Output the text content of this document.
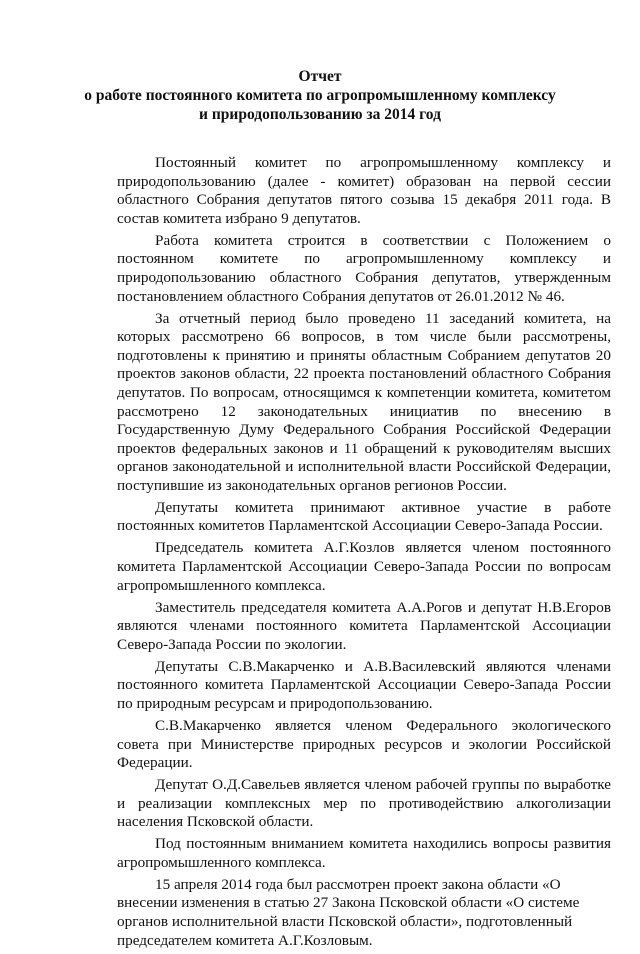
Отчет
о работе постоянного комитета по агропромышленному комплексу
и природопользованию за 2014 год

Постоянный комитет по агропромышленному комплексу и природопользованию (далее - комитет) образован на первой сессии областного Собрания депутатов пятого созыва 15 декабря 2011 года. В состав комитета избрано 9 депутатов.

Работа комитета строится в соответствии с Положением о постоянном комитете по агропромышленному комплексу и природопользованию областного Собрания депутатов, утвержденным постановлением областного Собрания депутатов от 26.01.2012 № 46.

За отчетный период было проведено 11 заседаний комитета, на которых рассмотрено 66 вопросов, в том числе были рассмотрены, подготовлены к принятию и приняты областным Собранием депутатов 20 проектов законов области, 22 проекта постановлений областного Собрания депутатов. По вопросам, относящимся к компетенции комитета, комитетом рассмотрено 12 законодательных инициатив по внесению в Государственную Думу Федерального Собрания Российской Федерации проектов федеральных законов и 11 обращений к руководителям высших органов законодательной и исполнительной власти Российской Федерации, поступившие из законодательных органов регионов России.

Депутаты комитета принимают активное участие в работе постоянных комитетов Парламентской Ассоциации Северо-Запада России.

Председатель комитета А.Г.Козлов является членом постоянного комитета Парламентской Ассоциации Северо-Запада России по вопросам агропромышленного комплекса.

Заместитель председателя комитета А.А.Рогов и депутат Н.В.Егоров являются членами постоянного комитета Парламентской Ассоциации Северо-Запада России по экологии.

Депутаты С.В.Макарченко и А.В.Василевский являются членами постоянного комитета Парламентской Ассоциации Северо-Запада России по природным ресурсам и природопользованию.

С.В.Макарченко является членом Федерального экологического совета при Министерстве природных ресурсов и экологии Российской Федерации.

Депутат О.Д.Савельев является членом рабочей группы по выработке и реализации комплексных мер по противодействию алкоголизации населения Псковской области.

Под постоянным вниманием комитета находились вопросы развития агропромышленного комплекса.

15 апреля 2014 года был рассмотрен проект закона области «О внесении изменения в статью 27 Закона Псковской области «О системе органов исполнительной власти Псковской области», подготовленный председателем комитета А.Г.Козловым.
